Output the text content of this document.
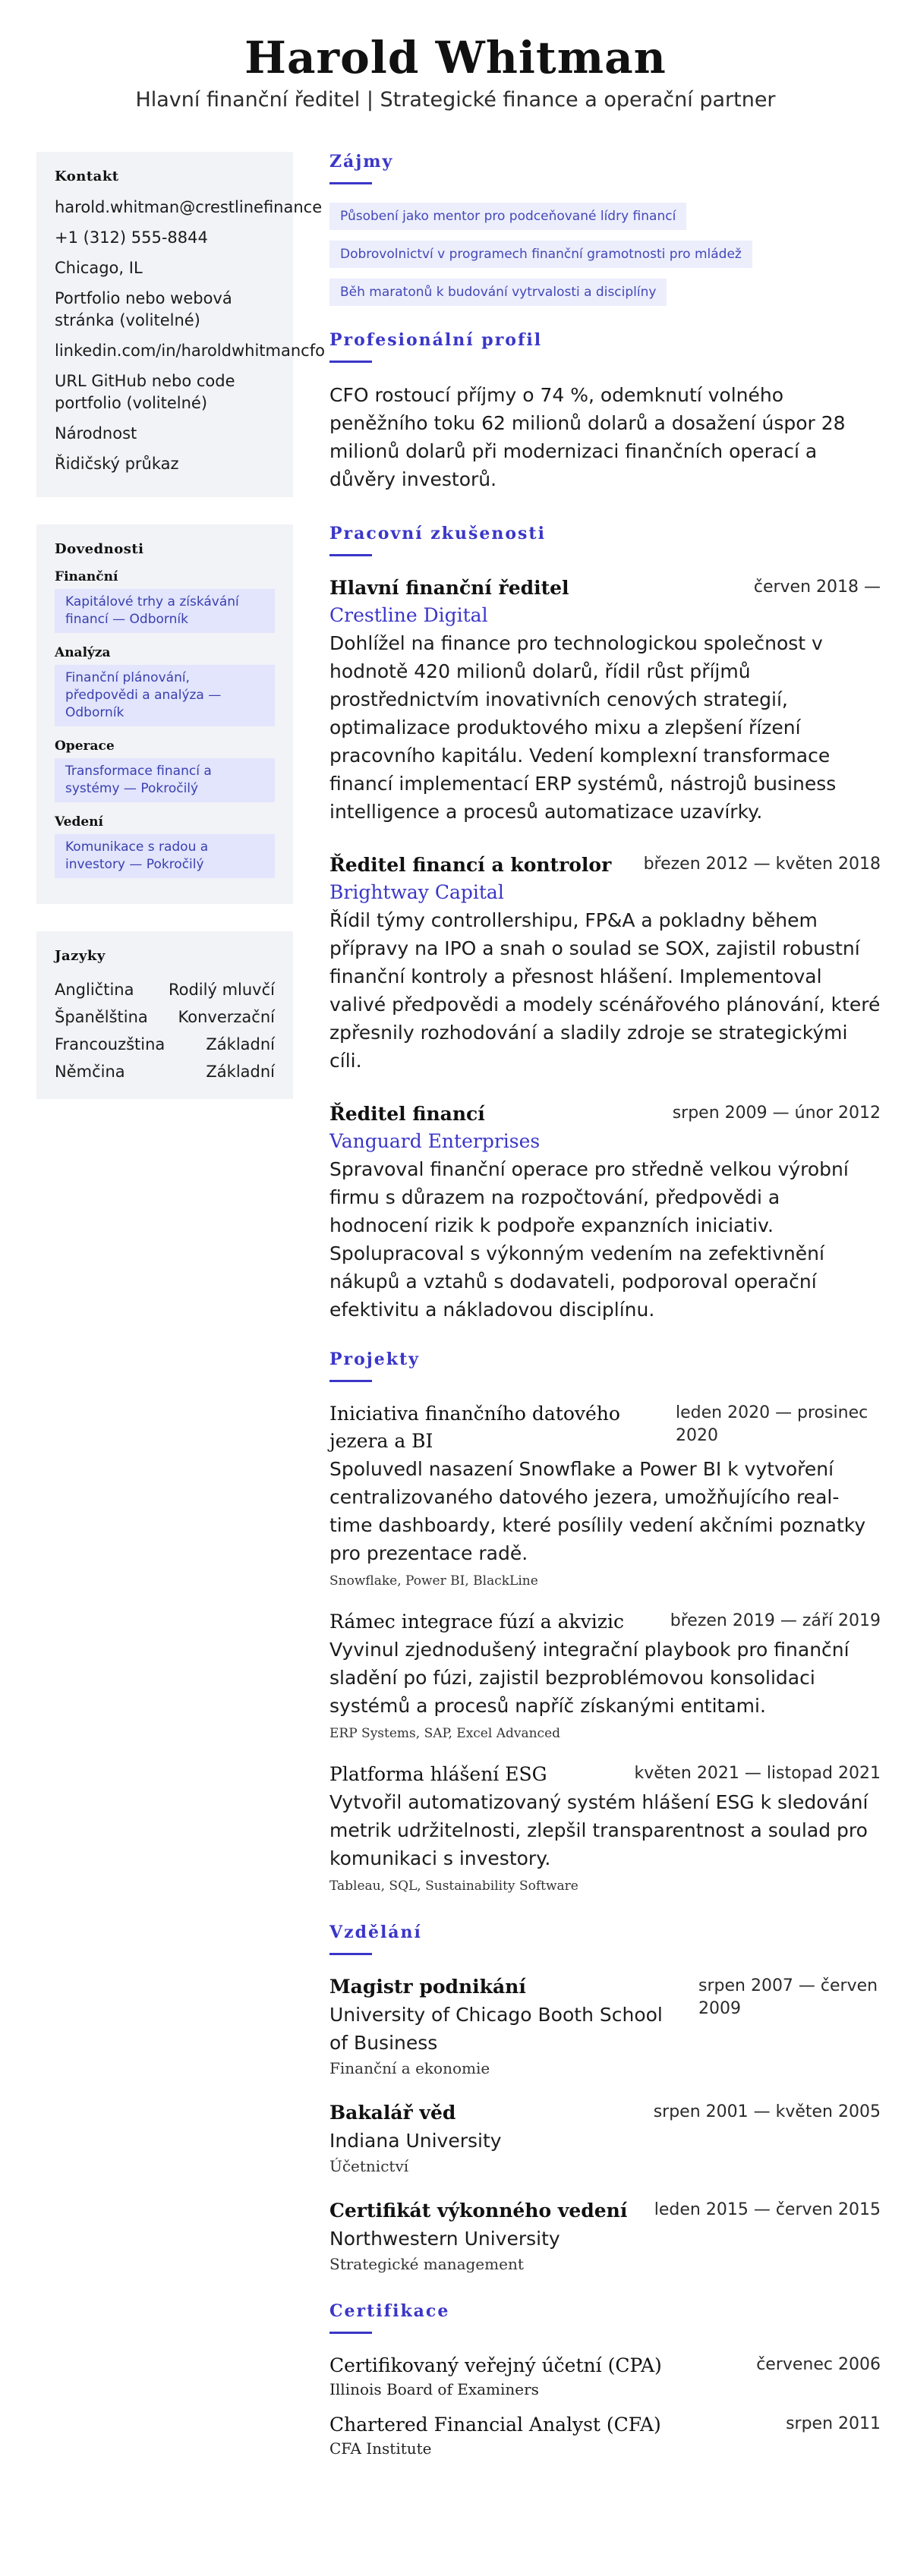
Harold Whitman
Hlavní finanční ředitel | Strategické finance a operační partner
Kontakt
harold.whitman@crestlinefinance
+1 (312) 555-8844
Chicago, IL
Portfolio nebo webová stránka (volitelné)
linkedin.com/in/haroldwhitmancfo
URL GitHub nebo code portfolio (volitelné)
Národnost
Řidičský průkaz
Dovednosti
Finanční
Kapitálové trhy a získávání financí — Odborník
Analýza
Finanční plánování, předpovědi a analýza — Odborník
Operace
Transformace financí a systémy — Pokročilý
Vedení
Komunikace s radou a investory — Pokročilý
Jazyky
Angličtina Rodilý mluvčí
Španělština Konverzační
Francouzština	Základní
Němčina	Základní
Zájmy
Působení jako mentor pro podceňované lídry financí
Dobrovolnictví v programech finanční gramotnosti pro mládež
Běh maratonů k budování vytrvalosti a disciplíny
Profesionální profil
CFO rostoucí příjmy o 74 %, odemknutí volného peněžního toku 62 milionů dolarů a dosažení úspor 28 milionů dolarů při modernizaci finančních operací a důvěry investorů.
Pracovní zkušenosti
Hlavní finanční ředitel	červen 2018 —
Crestline Digital
Dohlížel na finance pro technologickou společnost v hodnotě 420 milionů dolarů, řídil růst příjmů prostřednictvím inovativních cenových strategií, optimalizace produktového mixu a zlepšení řízení pracovního kapitálu. Vedení komplexní transformace financí implementací ERP systémů, nástrojů business intelligence a procesů automatizace uzavírky.
Ředitel financí a kontrolor březen 2012 — květen 2018
Brightway Capital
Řídil týmy controllershipu, FP&A a pokladny během přípravy na IPO a snah o soulad se SOX, zajistil robustní finanční kontroly a přesnost hlášení. Implementoval valivé předpovědi a modely scénářového plánování, které zpřesnily rozhodování a sladily zdroje se strategickými cíli.
Ředitel financí	srpen 2009 — únor 2012
Vanguard Enterprises
Spravoval finanční operace pro středně velkou výrobní firmu s důrazem na rozpočtování, předpovědi a hodnocení rizik k podpoře expanzních iniciativ. Spolupracoval s výkonným vedením na zefektivnění nákupů a vztahů s dodavateli, podporoval operační efektivitu a nákladovou disciplínu.
Projekty
Iniciativa finančního datového jezera a BI
leden 2020 — prosinec 2020
Spoluvedl nasazení Snowflake a Power BI k vytvoření centralizovaného datového jezera, umožňujícího real-time dashboardy, které posílily vedení akčními poznatky pro prezentace radě.
Snowflake, Power BI, BlackLine
Rámec integrace fúzí a akvizic	březen 2019 — září 2019
Vyvinul zjednodušený integrační playbook pro finanční sladění po fúzi, zajistil bezproblémovou konsolidaci systémů a procesů napříč získanými entitami.
ERP Systems, SAP, Excel Advanced
Platforma hlášení ESG	květen 2021 — listopad 2021
Vytvořil automatizovaný systém hlášení ESG k sledování metrik udržitelnosti, zlepšil transparentnost a soulad pro komunikaci s investory.
Tableau, SQL, Sustainability Software
Vzdělání
Magistr podnikání
University of Chicago Booth School of Business
srpen 2007 — červen 2009
Finanční a ekonomie
Bakalář věd	srpen 2001 — květen 2005
Indiana University
Účetnictví
Certifikát výkonného vedení leden 2015 — červen 2015
Northwestern University
Strategické management
Certifikace
Certifikovaný veřejný účetní (CPA)	červenec 2006
Illinois Board of Examiners
Chartered Financial Analyst (CFA)	srpen 2011
CFA Institute
